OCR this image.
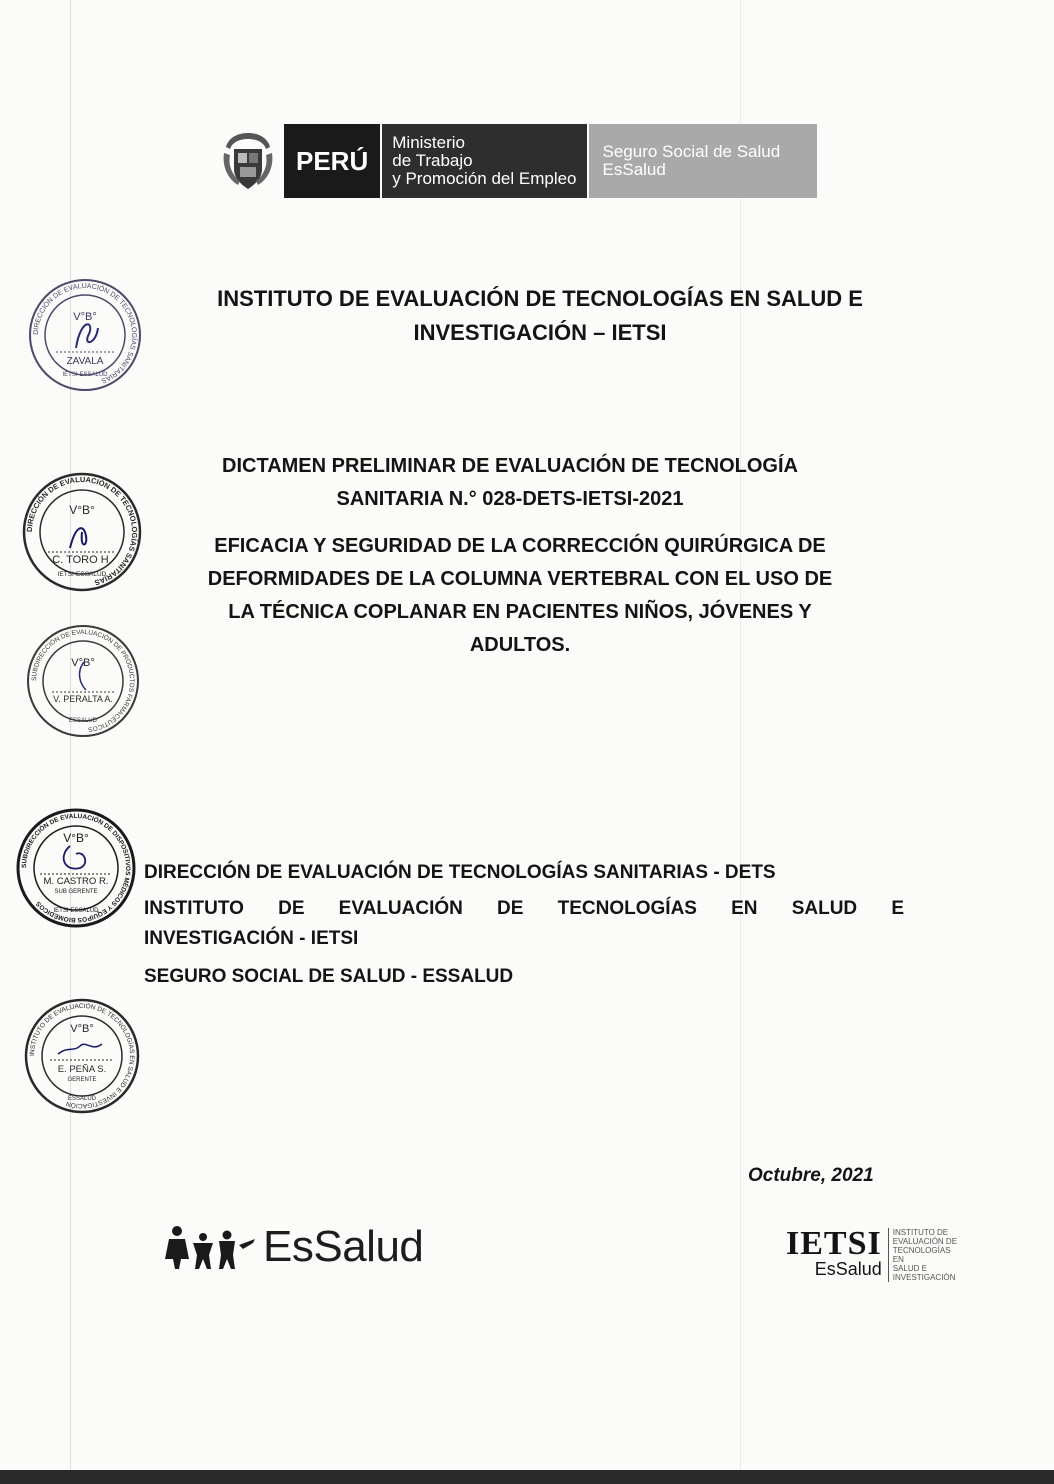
PERÚ
Ministerio
de Trabajo
y Promoción del Empleo
Seguro Social de Salud
EsSalud
INSTITUTO DE EVALUACIÓN DE TECNOLOGÍAS EN SALUD E
INVESTIGACIÓN – IETSI
DICTAMEN PRELIMINAR DE EVALUACIÓN DE TECNOLOGÍA
SANITARIA N.° 028-DETS-IETSI-2021
EFICACIA Y SEGURIDAD DE LA CORRECCIÓN QUIRÚRGICA DE
DEFORMIDADES DE LA COLUMNA VERTEBRAL CON EL USO DE
LA TÉCNICA COPLANAR EN PACIENTES NIÑOS, JÓVENES Y
ADULTOS.
DIRECCIÓN DE EVALUACIÓN DE TECNOLOGÍAS SANITARIAS - DETS
INSTITUTO DE EVALUACIÓN DE TECNOLOGÍAS EN SALUD E
INVESTIGACIÓN - IETSI
SEGURO SOCIAL DE SALUD - ESSALUD
Octubre, 2021
DIRECCIÓN DE EVALUACIÓN DE TECNOLOGÍAS SANITARIAS
V°B°
ZAVALA
IETSI-ESSALUD
DIRECCIÓN DE EVALUACIÓN DE TECNOLOGÍAS SANITARIAS
V°B°
C. TORO H.
IETSI-ESSALUD
SUBDIRECCIÓN DE EVALUACIÓN DE PRODUCTOS FARMACÉUTICOS
V°B°
V. PERALTA A.
ESSALUD
SUBDIRECCIÓN DE EVALUACIÓN DE DISPOSITIVOS MÉDICOS Y EQUIPOS BIOMÉDICOS
V°B°
M. CASTRO R.
SUB GERENTE
IETSI-ESSALUD
INSTITUTO DE EVALUACIÓN DE TECNOLOGÍAS EN SALUD E INVESTIGACIÓN
V°B°
E. PEÑA S.
GERENTE
ESSALUD
EsSalud	IETSI
EsSalud
INSTITUTO DE
EVALUACIÓN DE
TECNOLOGÍAS EN
SALUD E
INVESTIGACIÓN
